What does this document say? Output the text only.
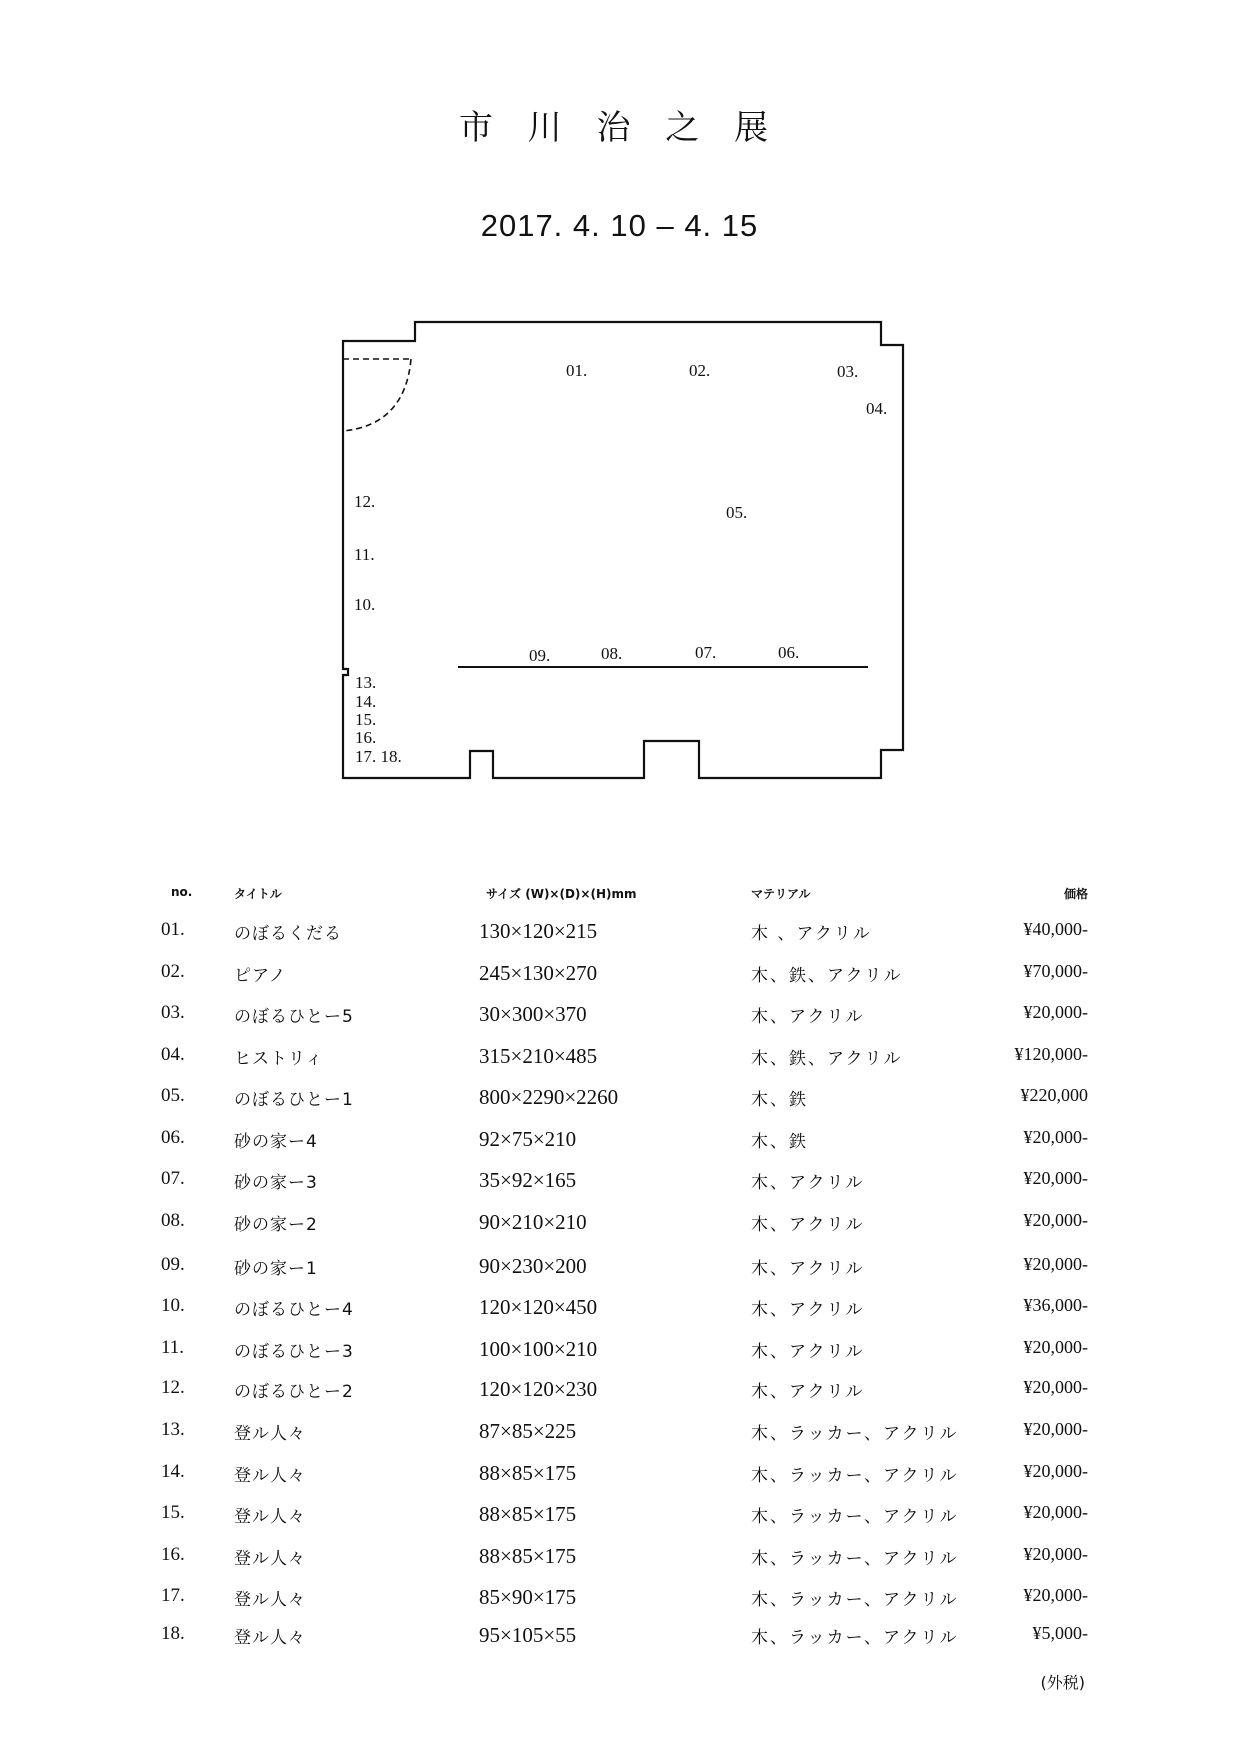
市 川 治 之 展
2017. 4. 10 – 4. 15
01.	02.	03.
04.
05.
06.
07.
08.
09.
10.
11.
12.
13.
14.
15.
16.
17. 18.
no.	タイトル	サイズ (W)×(D)×(H)mm	マテリアル	価格
01.	のぼるくだる	130×120×215	木 、アクリル	¥40,000-
02.	ピアノ	245×130×270	木、鉄、アクリル	¥70,000-
03.	のぼるひとー5	30×300×370	木、アクリル	¥20,000-
04.	ヒストリィ	315×210×485	木、鉄、アクリル	¥120,000-
05.	のぼるひとー1	800×2290×2260	木、鉄	¥220,000
06.	砂の家ー4	92×75×210	木、鉄	¥20,000-
07.	砂の家ー3	35×92×165	木、アクリル	¥20,000-
08.	砂の家ー2	90×210×210	木、アクリル	¥20,000-
09.	砂の家ー1	90×230×200	木、アクリル	¥20,000-
10.	のぼるひとー4	120×120×450	木、アクリル	¥36,000-
11.	のぼるひとー3	100×100×210	木、アクリル	¥20,000-
12.	のぼるひとー2	120×120×230	木、アクリル	¥20,000-
13.	登ル人々	87×85×225	木、ラッカー、アクリル	¥20,000-
14.	登ル人々	88×85×175	木、ラッカー、アクリル	¥20,000-
15.	登ル人々	88×85×175	木、ラッカー、アクリル	¥20,000-
16.	登ル人々	88×85×175	木、ラッカー、アクリル	¥20,000-
17.	登ル人々	85×90×175	木、ラッカー、アクリル	¥20,000-
18.	登ル人々	95×105×55	木、ラッカー、アクリル	¥5,000-
(外税)
